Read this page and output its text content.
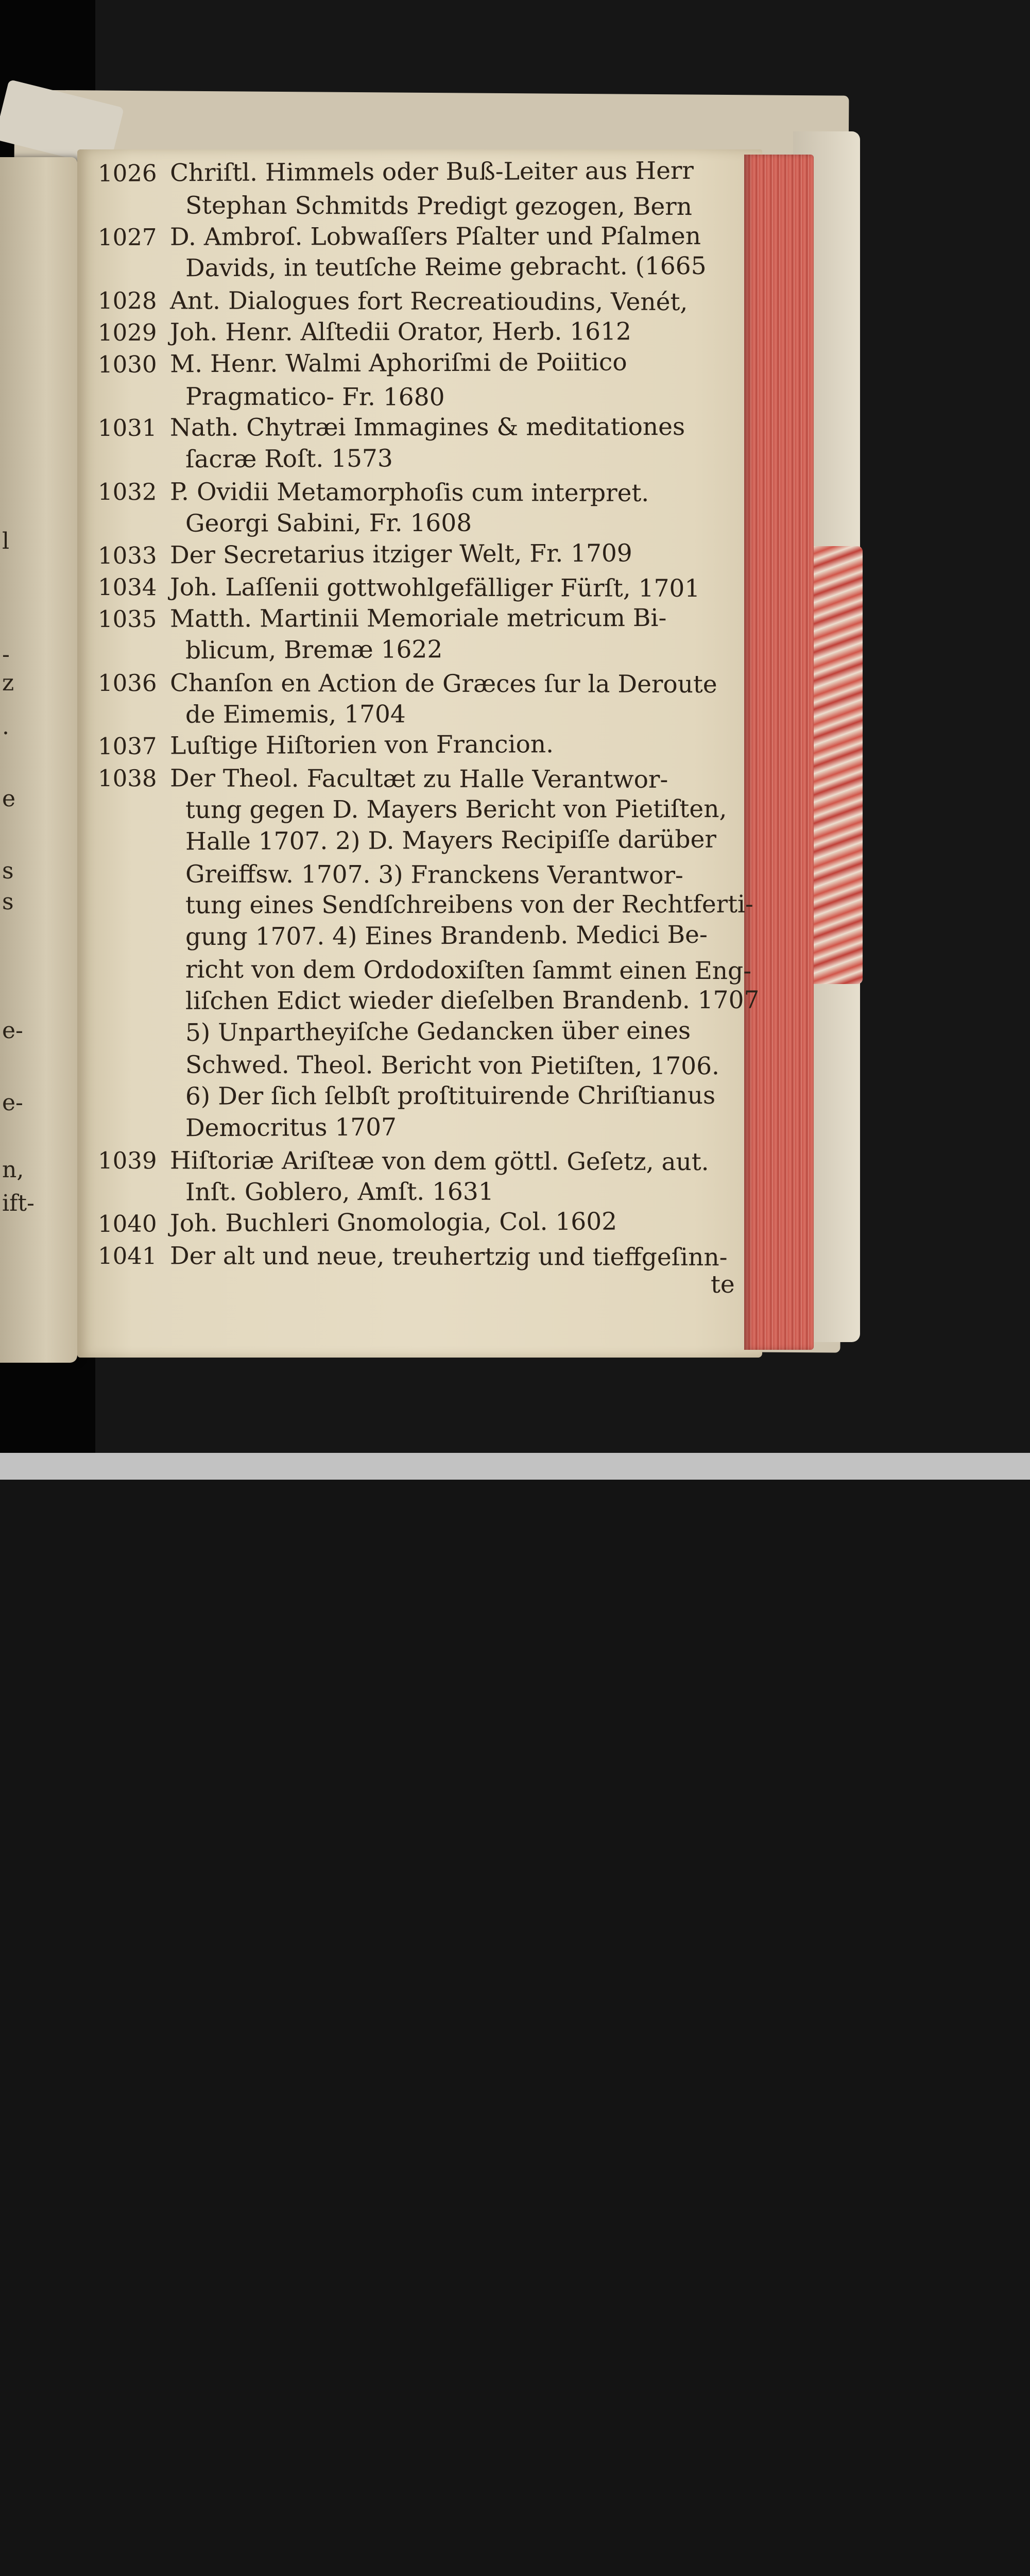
l
-
z
.
e
s
s
e-
e-
n,
ift-
1026 Chriſtl. Himmels oder Buß-Leiter aus Herr
Stephan Schmitds Predigt gezogen, Bern
1027 D. Ambroſ. Lobwaſſers Pſalter und Pſalmen
Davids, in teutſche Reime gebracht. (1665
1028 Ant. Dialogues fort Recreatioudins, Venét,
1029 Joh. Henr. Alſtedii Orator, Herb. 1612
1030 M. Henr. Walmi Aphoriſmi de Poiitico
Pragmatico- Fr. 1680
1031 Nath. Chytræi Immagines & meditationes
ſacræ Roſt. 1573
1032 P. Ovidii Metamorphoſis cum interpret.
Georgi Sabini, Fr. 1608
1033 Der Secretarius itziger Welt, Fr. 1709
1034 Joh. Laſſenii gottwohlgefälliger Fürſt, 1701
1035 Matth. Martinii Memoriale metricum Bi-
blicum, Bremæ 1622
1036 Chanſon en Action de Græces ſur la Deroute
de Eimemis, 1704
1037 Luſtige Hiſtorien von Francion.
1038 Der Theol. Facultæt zu Halle Verantwor-
tung gegen D. Mayers Bericht von Pietiſten,
Halle 1707. 2) D. Mayers Recipiſſe darüber
Greiffsw. 1707. 3) Franckens Verantwor-
tung eines Sendſchreibens von der Rechtferti-
gung 1707. 4) Eines Brandenb. Medici Be-
richt von dem Ordodoxiſten ſammt einen Eng-
liſchen Edict wieder dieſelben Brandenb. 1707
5) Unpartheyiſche Gedancken über eines
Schwed. Theol. Bericht von Pietiſten, 1706.
6) Der ſich ſelbſt proſtituirende Chriſtianus
Democritus 1707
1039 Hiſtoriæ Ariſteæ von dem göttl. Geſetz, aut.
Inſt. Goblero, Amſt. 1631
1040 Joh. Buchleri Gnomologia, Col. 1602
1041 Der alt und neue, treuhertzig und tieffgeſinn-
te
